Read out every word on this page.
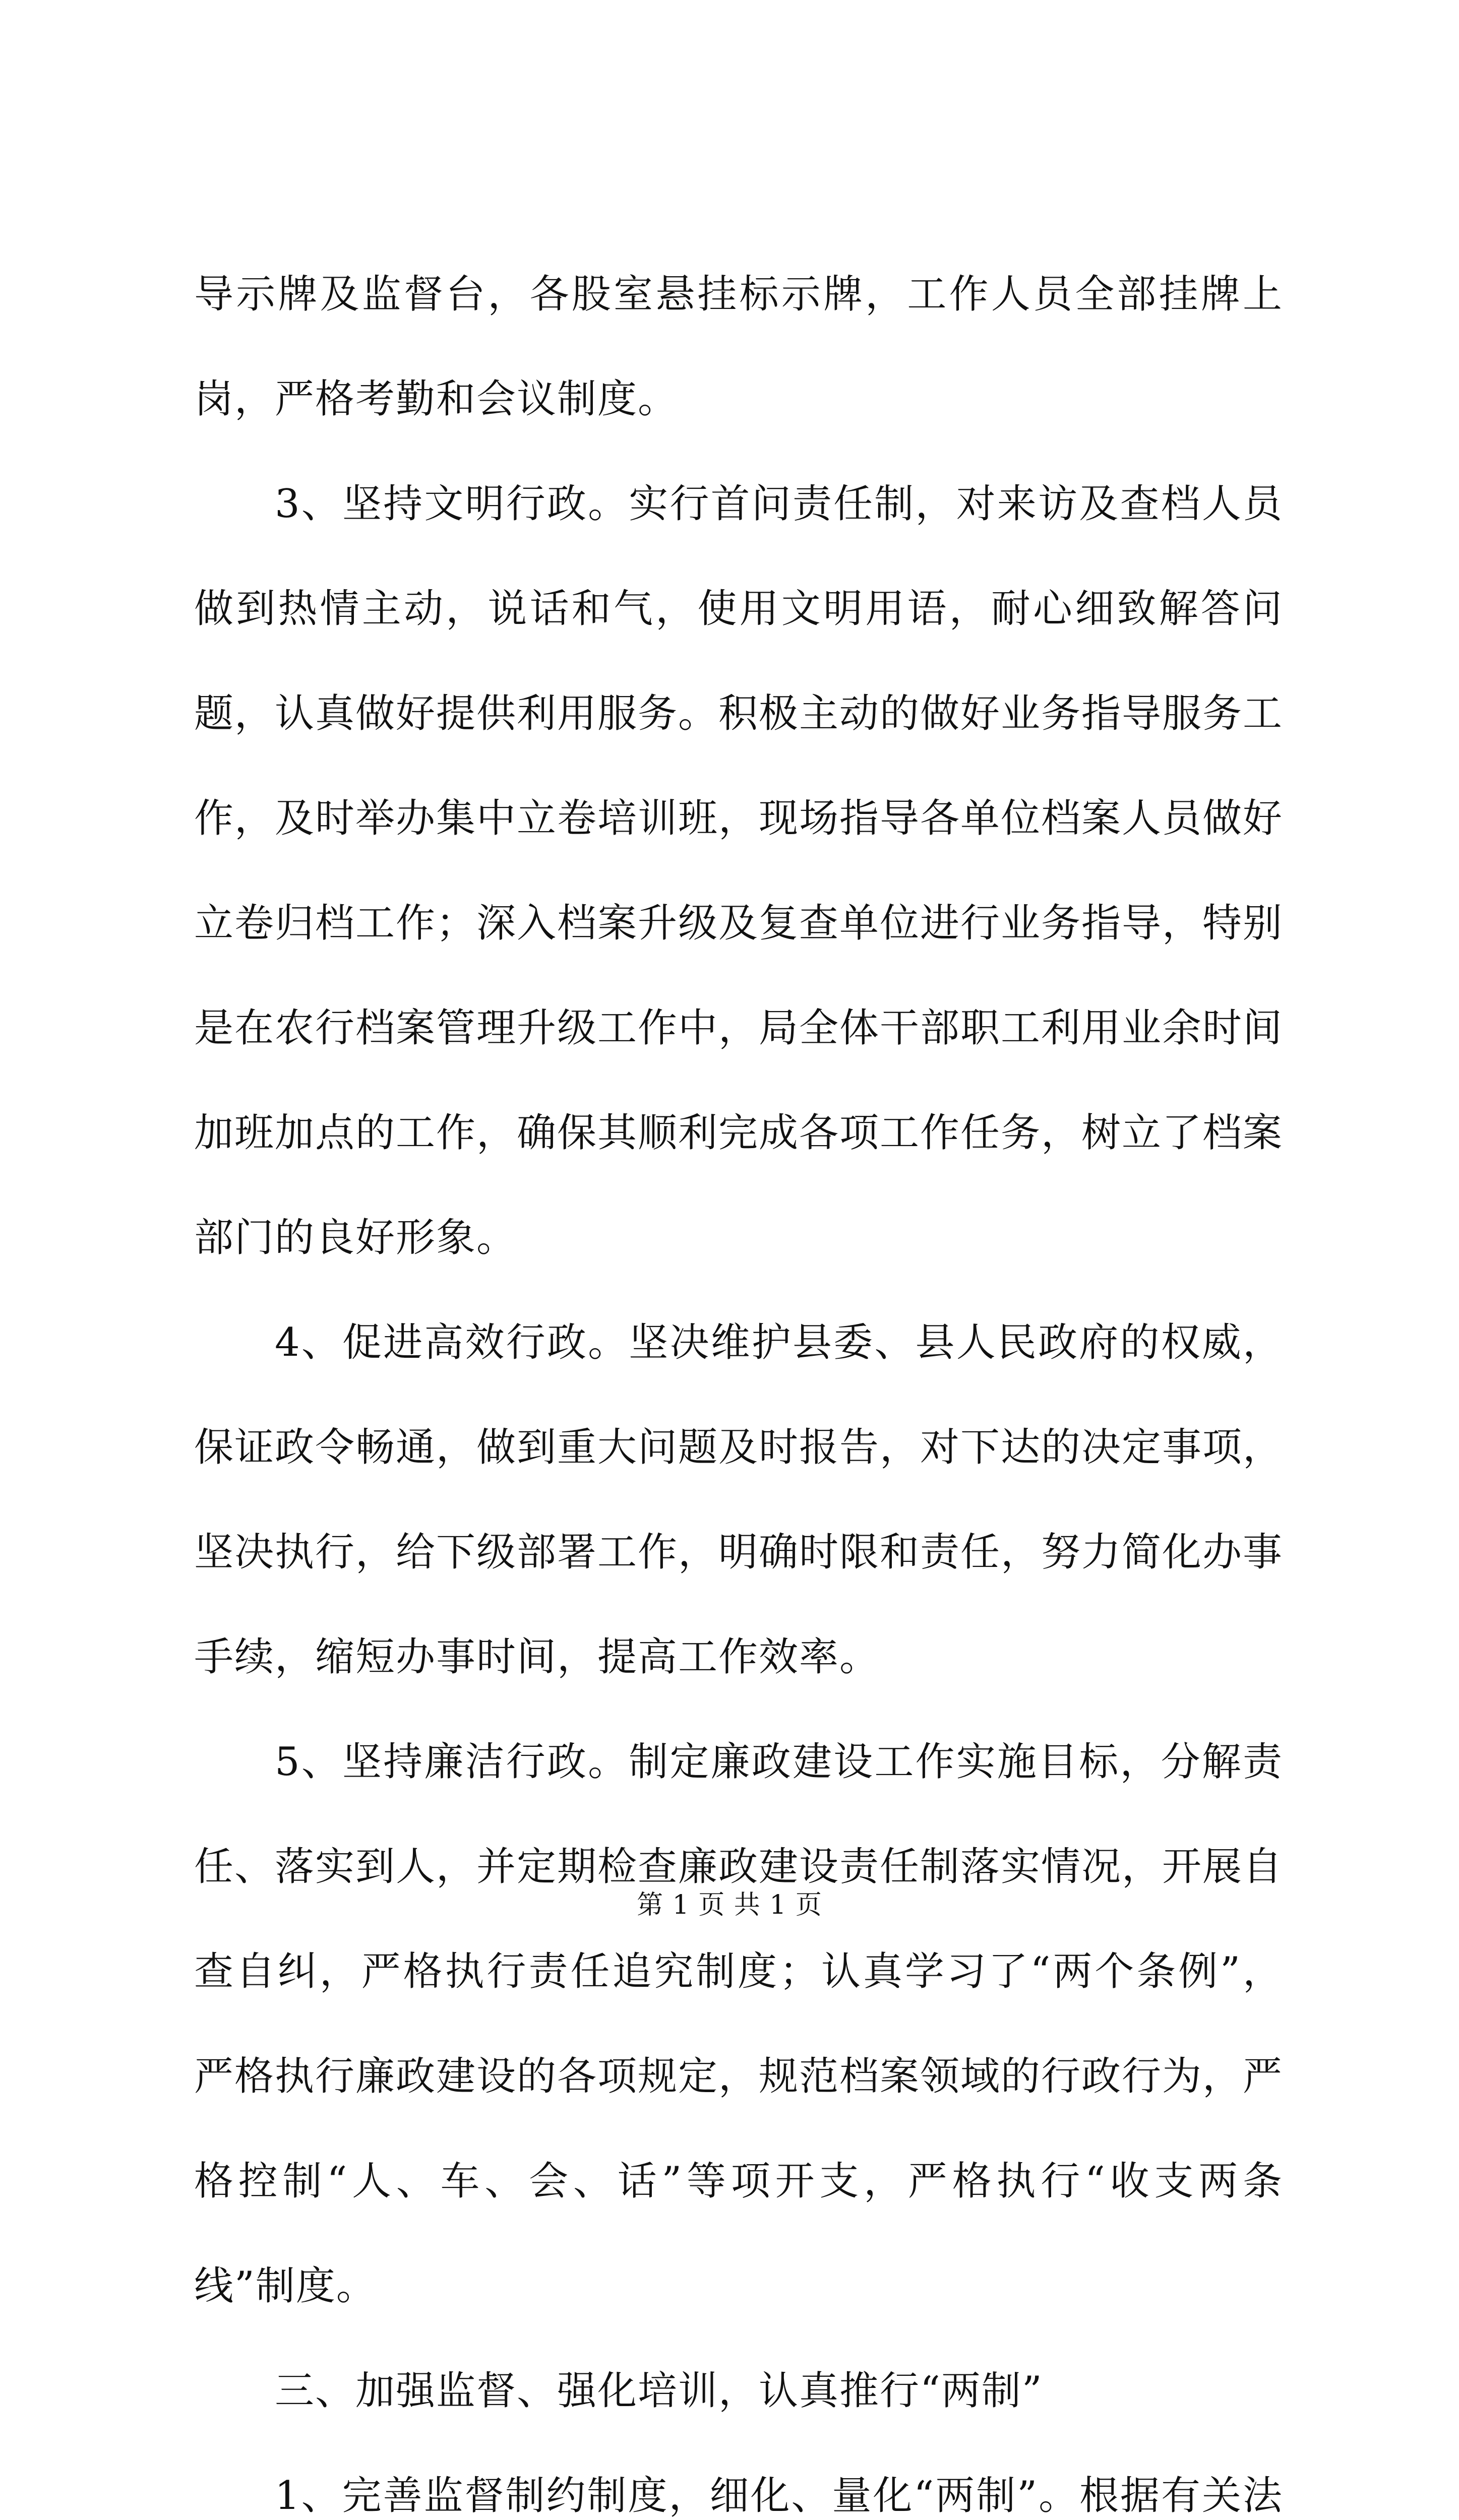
导示牌及监督台，各股室悬挂标示牌，工作人员全部挂牌上岗，严格考勤和会议制度。

3、坚持文明行政。实行首问责任制，对来访及查档人员做到热情主动，说话和气，使用文明用语，耐心细致解答问题，认真做好提供利用服务。积极主动的做好业务指导服务工作，及时举办集中立卷培训班，现场指导各单位档案人员做好立卷归档工作；深入档案升级及复查单位进行业务指导，特别是在农行档案管理升级工作中，局全体干部职工利用业余时间加班加点的工作，确保其顺利完成各项工作任务，树立了档案部门的良好形象。

4、促进高效行政。坚决维护县委、县人民政府的权威，保证政令畅通，做到重大问题及时报告，对下达的决定事项，坚决执行，给下级部署工作，明确时限和责任，努力简化办事手续，缩短办事时间，提高工作效率。

5、坚持廉洁行政。制定廉政建设工作实施目标，分解责任、落实到人，并定期检查廉政建设责任制落实情况，开展自查自纠，严格执行责任追究制度；认真学习了“两个条例”，严格执行廉政建设的各项规定，规范档案领域的行政行为，严格控制“人、车、会、话”等项开支，严格执行“收支两条线”制度。

三、加强监督、强化培训，认真推行“两制”

1、完善监督制约制度，细化、量化“两制”。根据有关法

第 1 页 共 1 页
